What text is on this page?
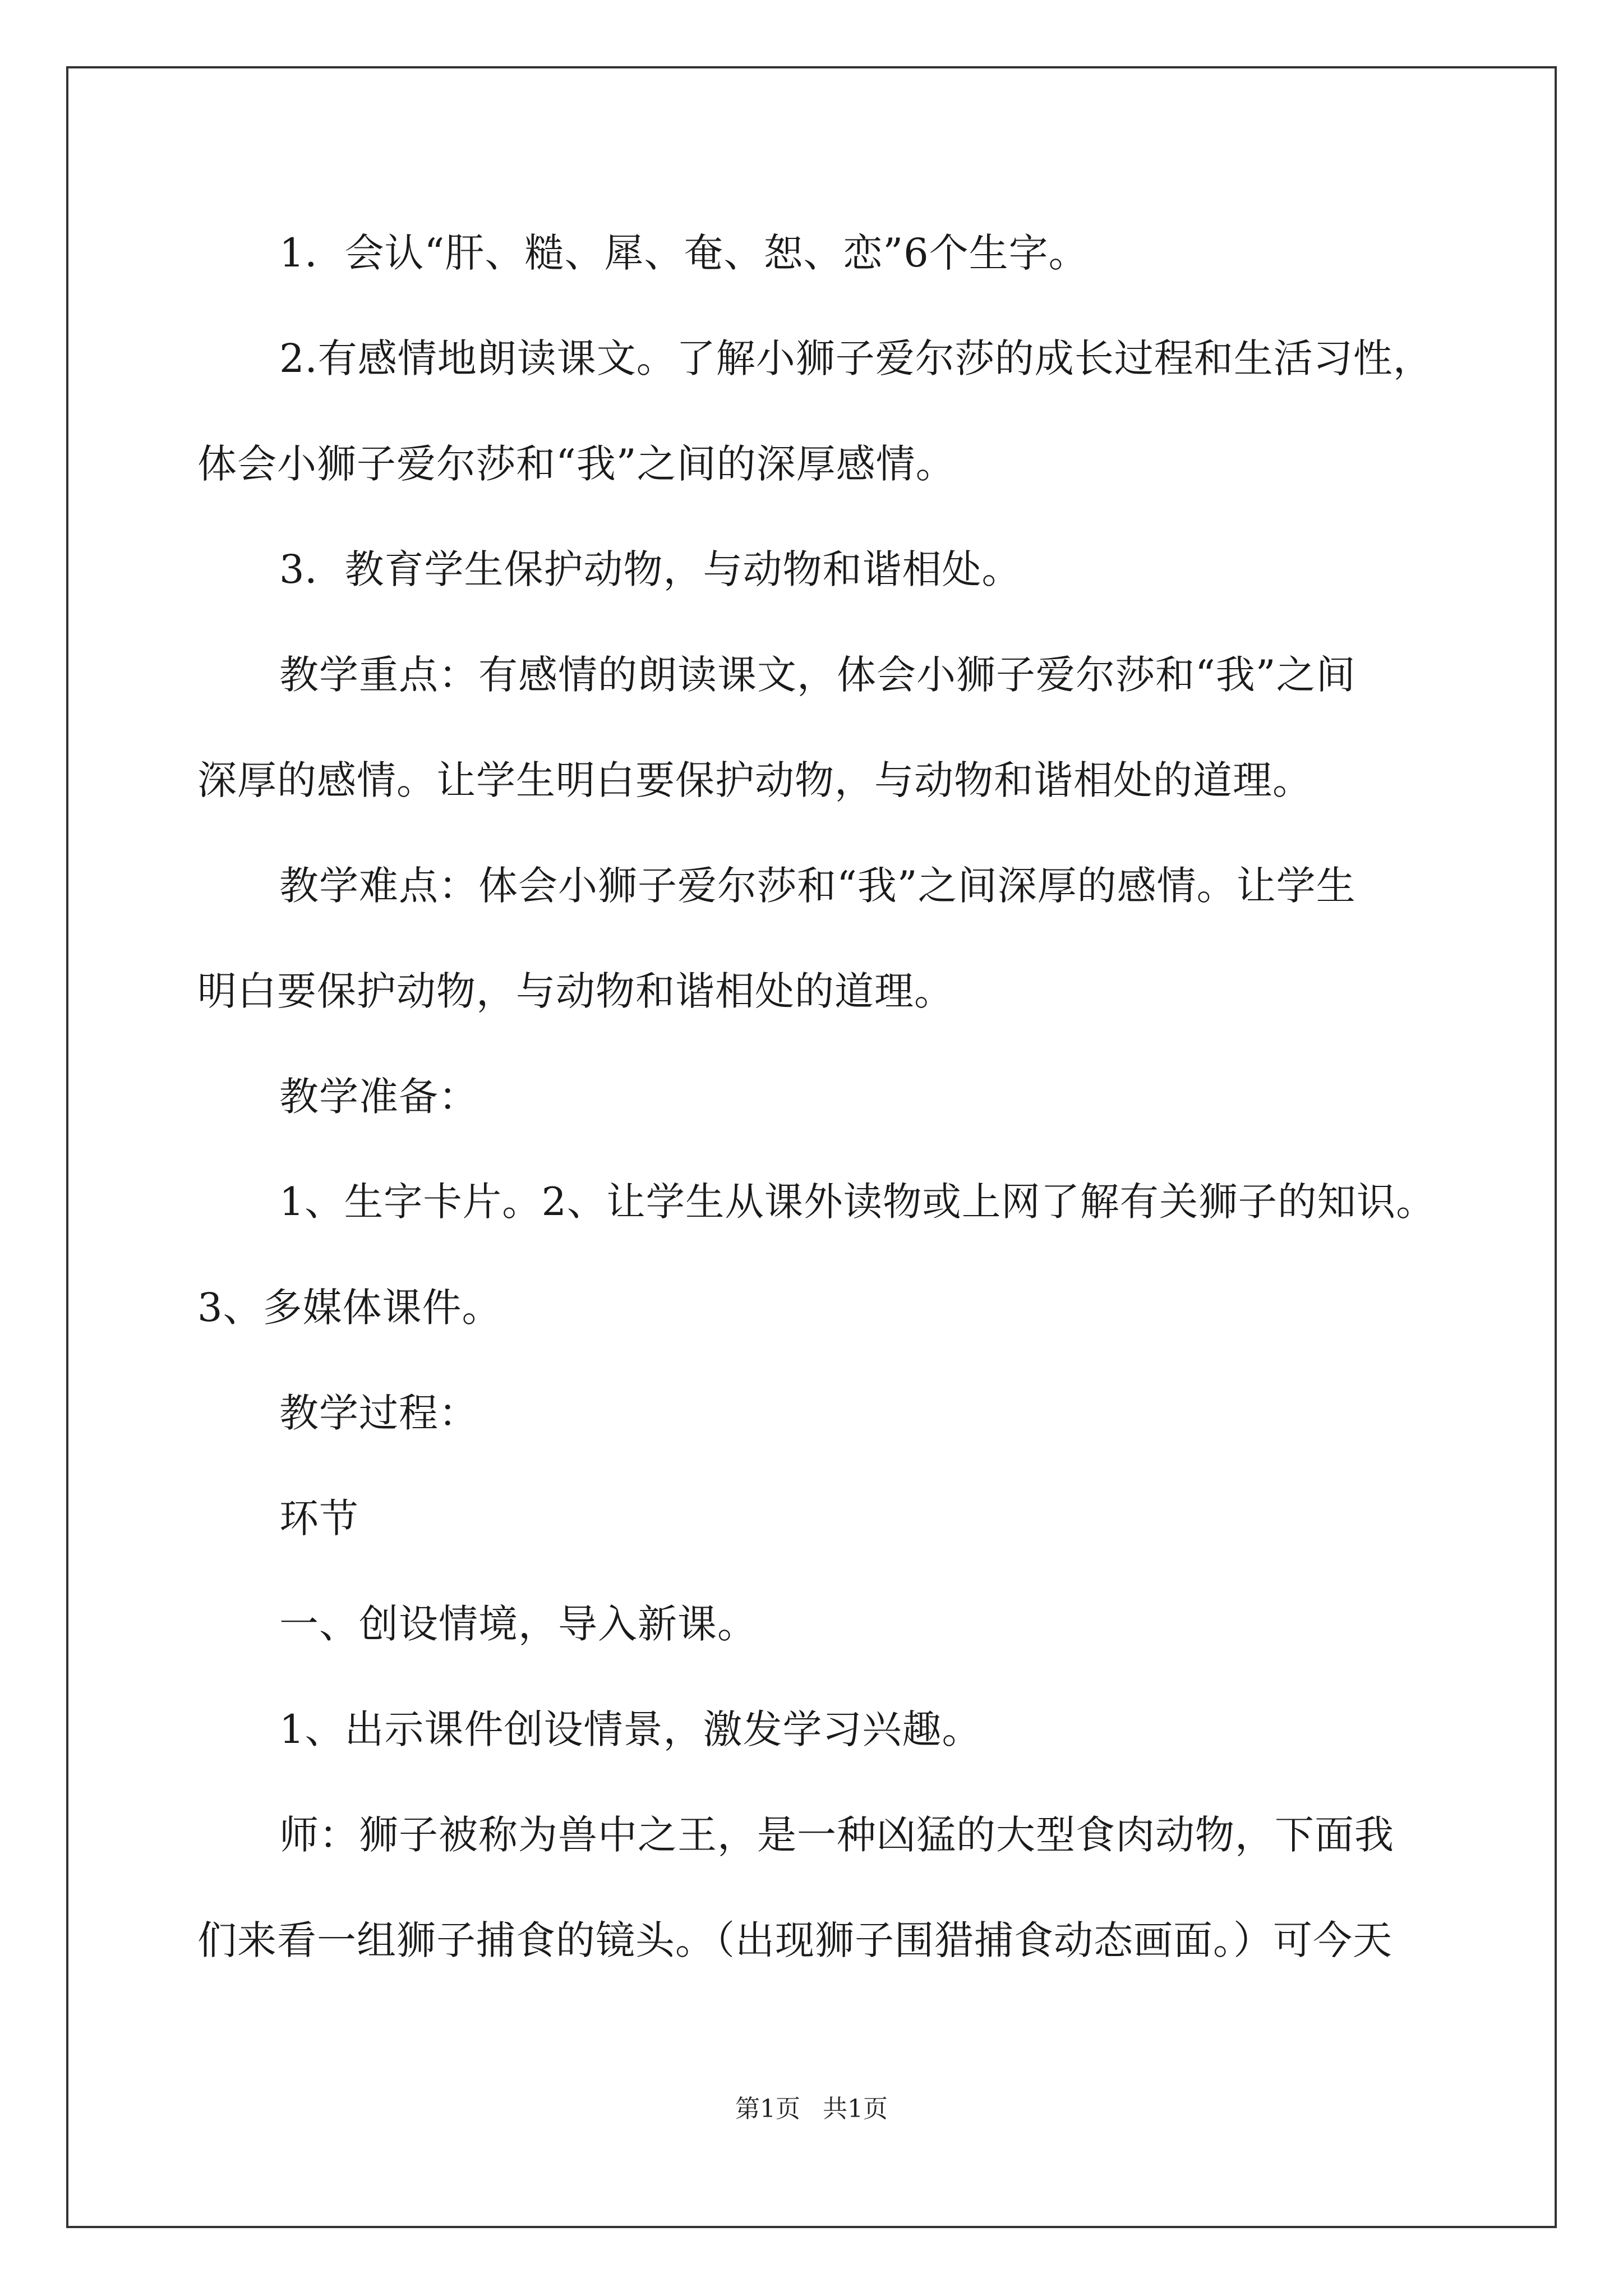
1．会认“肝、糙、犀、奄、恕、恋”6个生字。
2.有感情地朗读课文。了解小狮子爱尔莎的成长过程和生活习性，
体会小狮子爱尔莎和“我”之间的深厚感情。
3．教育学生保护动物，与动物和谐相处。
教学重点：有感情的朗读课文，体会小狮子爱尔莎和“我”之间
深厚的感情。让学生明白要保护动物，与动物和谐相处的道理。
教学难点：体会小狮子爱尔莎和“我”之间深厚的感情。让学生
明白要保护动物，与动物和谐相处的道理。
教学准备：
1、生字卡片。2、让学生从课外读物或上网了解有关狮子的知识。
3、多媒体课件。
教学过程：
环节
一、创设情境，导入新课。
1、出示课件创设情景，激发学习兴趣。
师：狮子被称为兽中之王，是一种凶猛的大型食肉动物，下面我
们来看一组狮子捕食的镜头。（出现狮子围猎捕食动态画面。）可今天
第1页 共1页
